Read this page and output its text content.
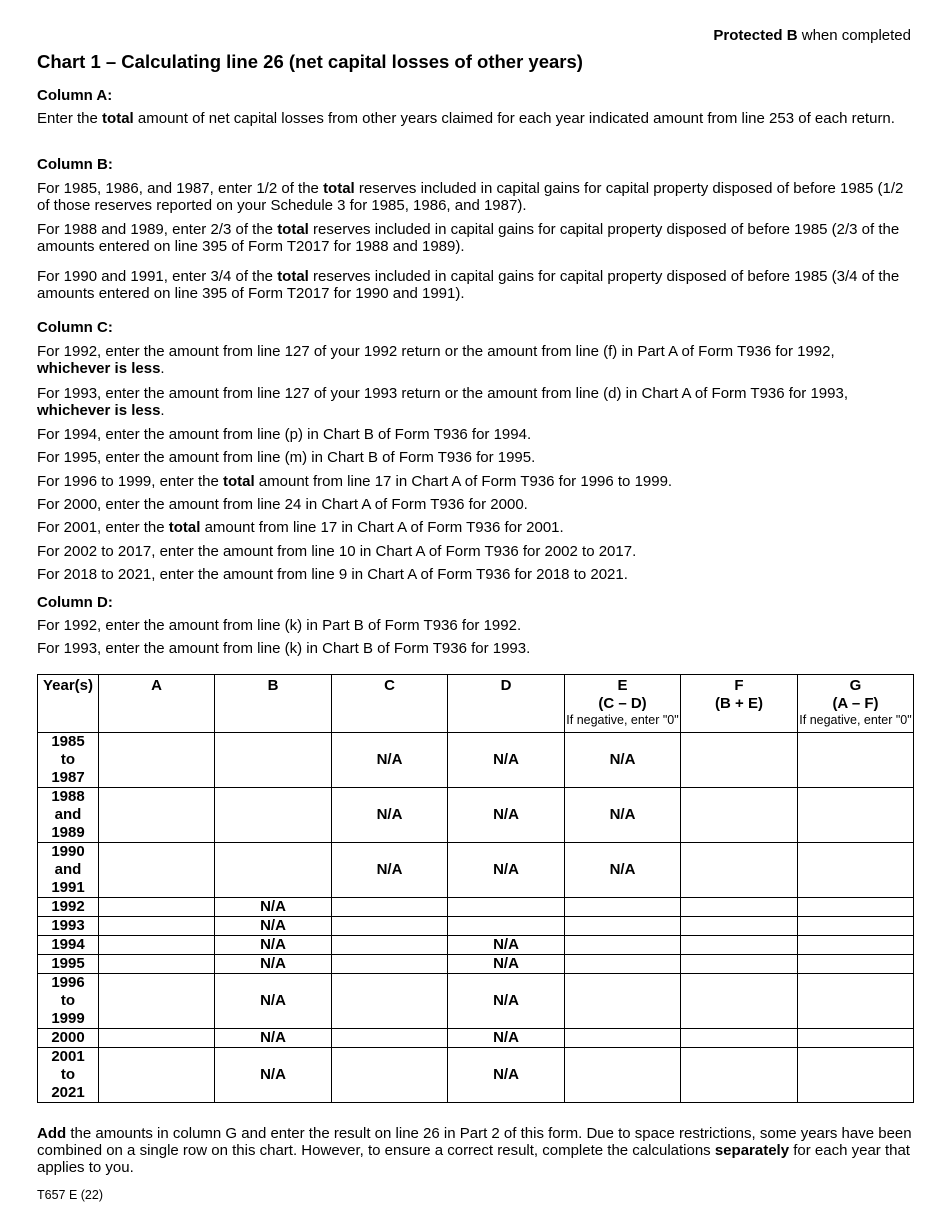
Protected B when completed
Chart 1 – Calculating line 26 (net capital losses of other years)
Column A:

Enter the total amount of net capital losses from other years claimed for each year indicated amount from line 253 of each return.

Column B:

For 1985, 1986, and 1987, enter 1/2 of the total reserves included in capital gains for capital property disposed of before 1985 (1/2 of those reserves reported on your Schedule 3 for 1985, 1986, and 1987).

For 1988 and 1989, enter 2/3 of the total reserves included in capital gains for capital property disposed of before 1985 (2/3 of the amounts entered on line 395 of Form T2017 for 1988 and 1989).

For 1990 and 1991, enter 3/4 of the total reserves included in capital gains for capital property disposed of before 1985 (3/4 of the amounts entered on line 395 of Form T2017 for 1990 and 1991).

Column C:

For 1992, enter the amount from line 127 of your 1992 return or the amount from line (f) in Part A of Form T936 for 1992,
whichever is less.

For 1993, enter the amount from line 127 of your 1993 return or the amount from line (d) in Chart A of Form T936 for 1993,
whichever is less.

For 1994, enter the amount from line (p) in Chart B of Form T936 for 1994.

For 1995, enter the amount from line (m) in Chart B of Form T936 for 1995.

For 1996 to 1999, enter the total amount from line 17 in Chart A of Form T936 for 1996 to 1999.

For 2000, enter the amount from line 24 in Chart A of Form T936 for 2000.

For 2001, enter the total amount from line 17 in Chart A of Form T936 for 2001.

For 2002 to 2017, enter the amount from line 10 in Chart A of Form T936 for 2002 to 2017.

For 2018 to 2021, enter the amount from line 9 in Chart A of Form T936 for 2018 to 2021.

Column D:

For 1992, enter the amount from line (k) in Part B of Form T936 for 1992.

For 1993, enter the amount from line (k) in Chart B of Form T936 for 1993.

Year(s)	A	B	C	D	E
(C – D)
If negative, enter "0"	F
(B + E)	G
(A – F)
If negative, enter "0"

1985
to
1987			N/A	N/A	N/A		

1988
and
1989			N/A	N/A	N/A		

1990
and
1991			N/A	N/A	N/A		
1992		N/A					
1993		N/A					
1994		N/A		N/A			
1995		N/A		N/A			

1996
to
1999		N/A		N/A			
2000		N/A		N/A			

2001
to
2021		N/A		N/A			

Add the amounts in column G and enter the result on line 26 in Part 2 of this form. Due to space restrictions, some years have been combined on a single row on this chart. However, to ensure a correct result, complete the calculations separately for each year that applies to you.

T657 E (22)
